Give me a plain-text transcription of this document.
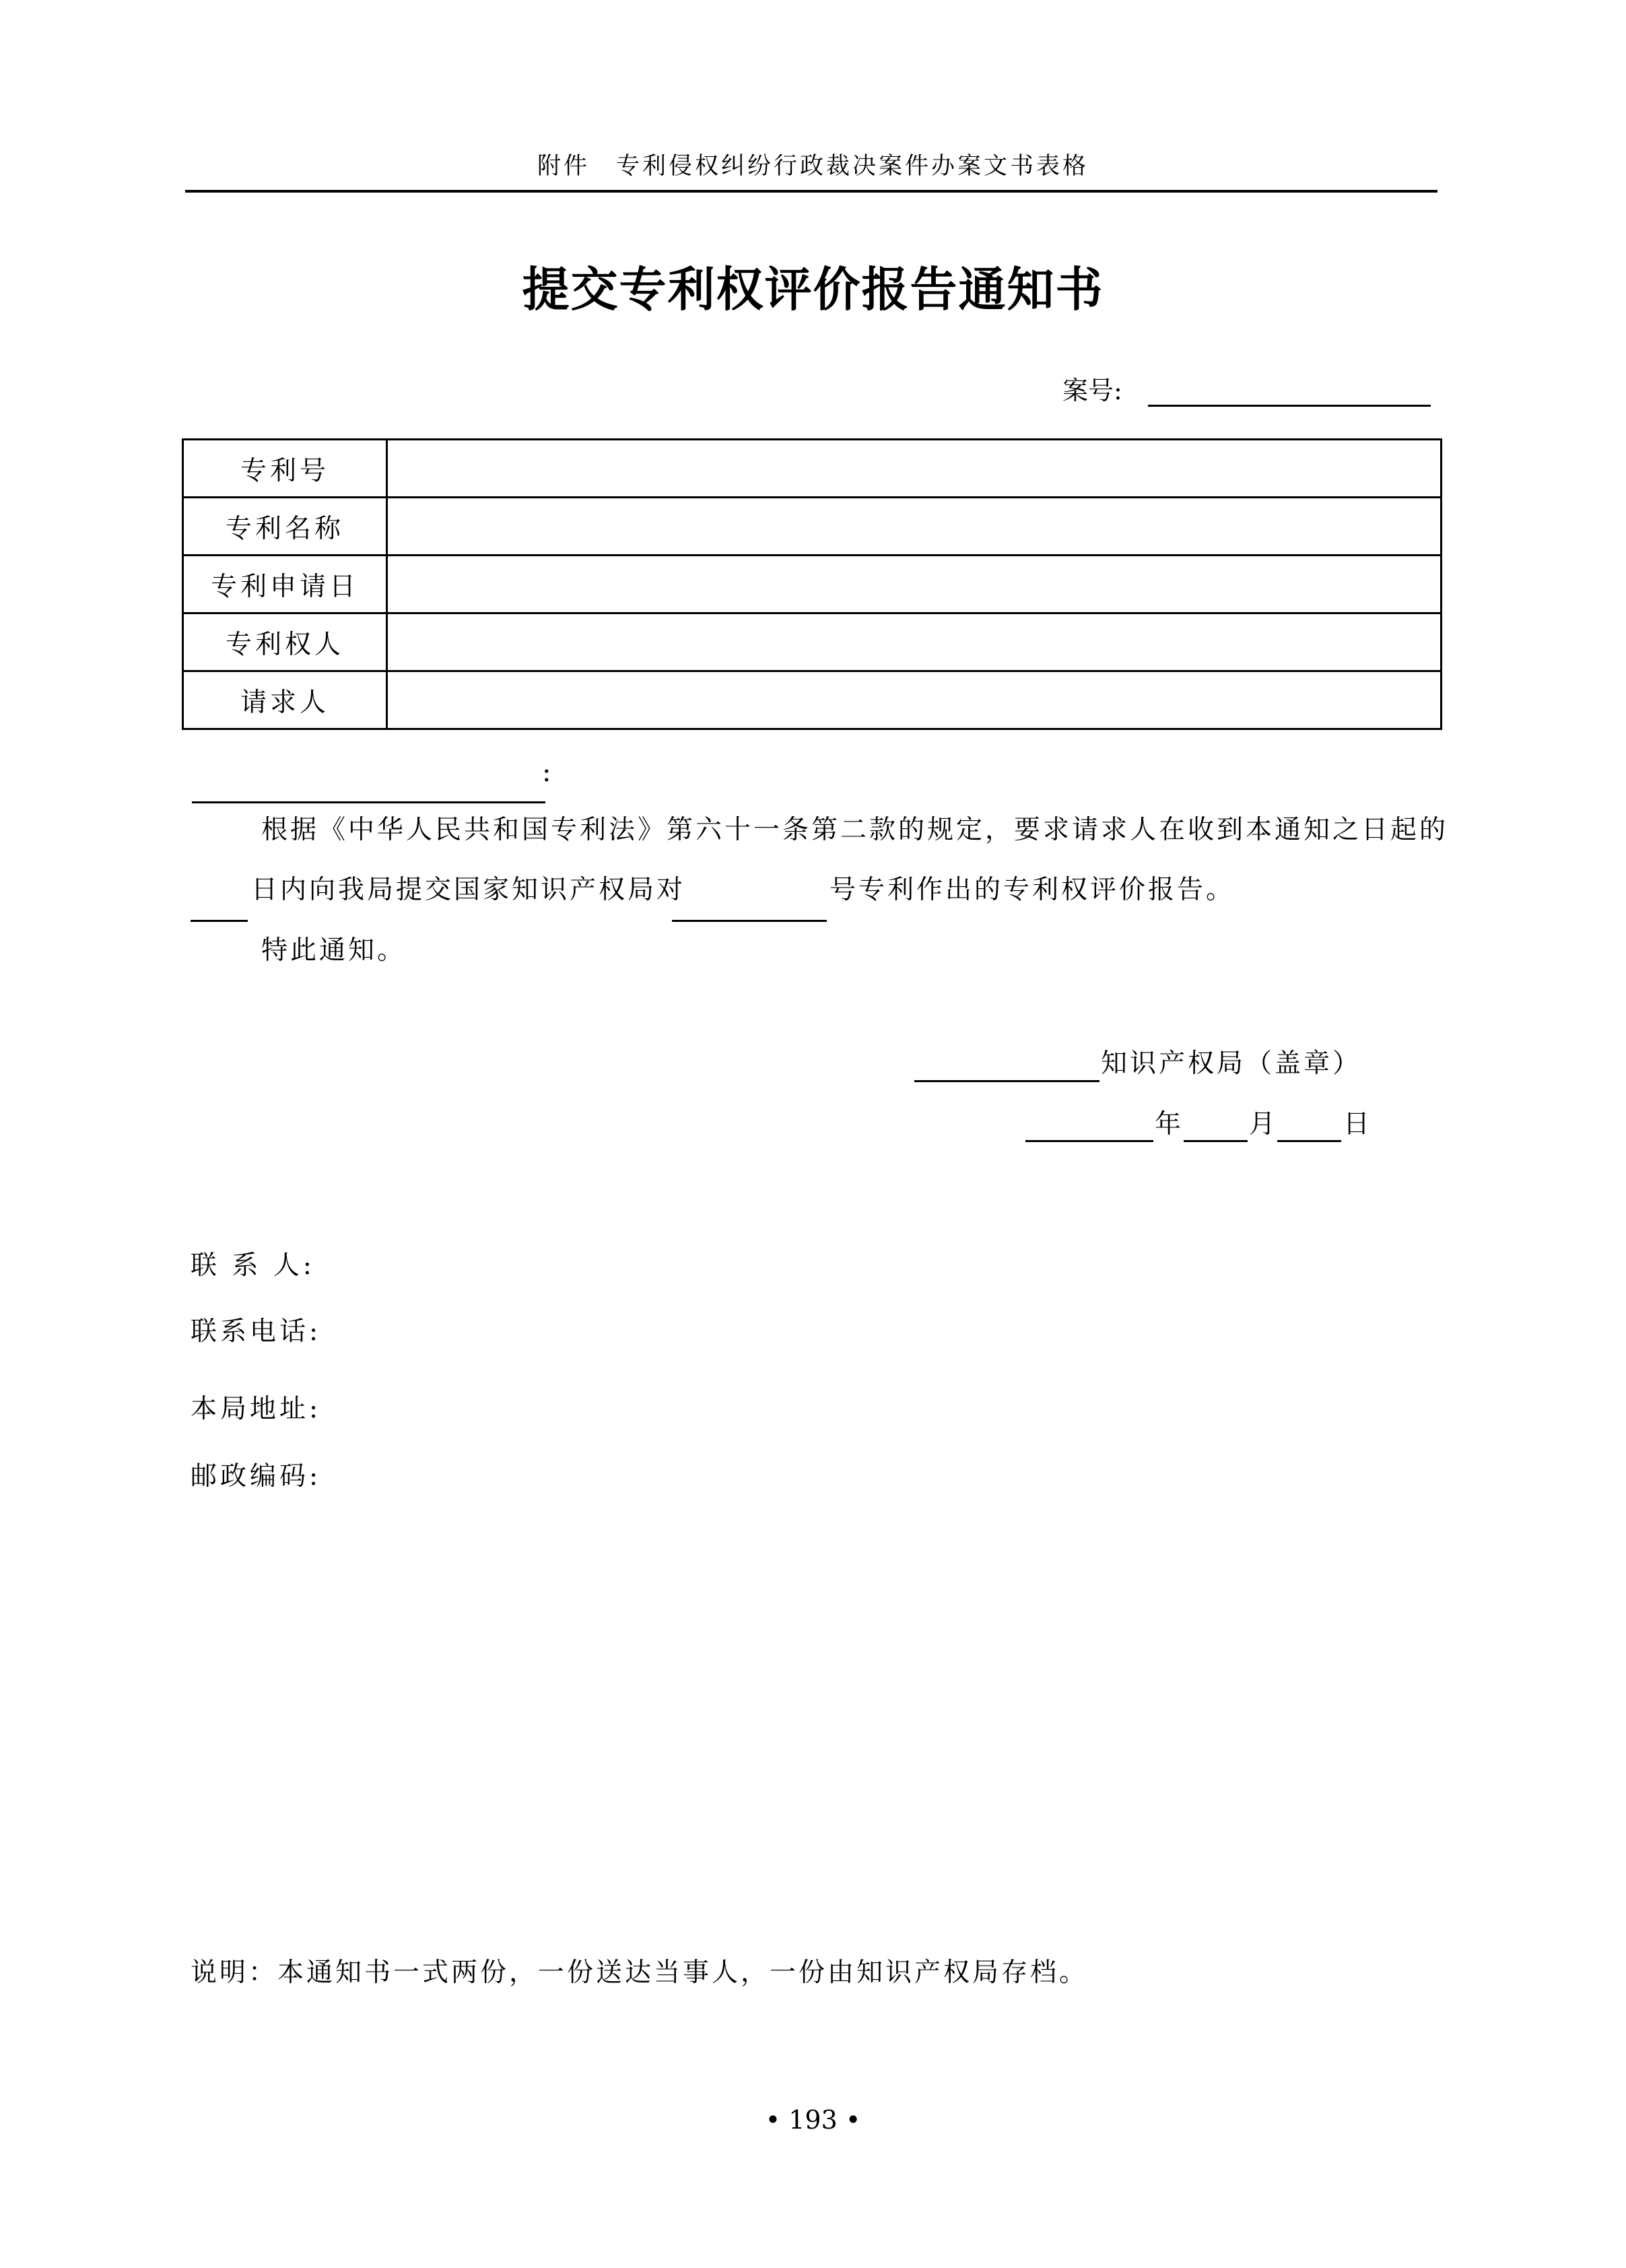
附件　专利侵权纠纷行政裁决案件办案文书表格
提交专利权评价报告通知书
案号:
专利号	
专利名称	
专利申请日	
专利权人	
请求人	
:
根据《中华人民共和国专利法》第六十一条第二款的规定，要求请求人在收到本通知之日起的
日内向我局提交国家知识产权局对	号专利作出的专利权评价报告。
特此通知。
知识产权局（盖章）
年 月 日
联 系 人:
联系电话:
本局地址:
邮政编码:
说明：本通知书一式两份，一份送达当事人，一份由知识产权局存档。
• 193 •
